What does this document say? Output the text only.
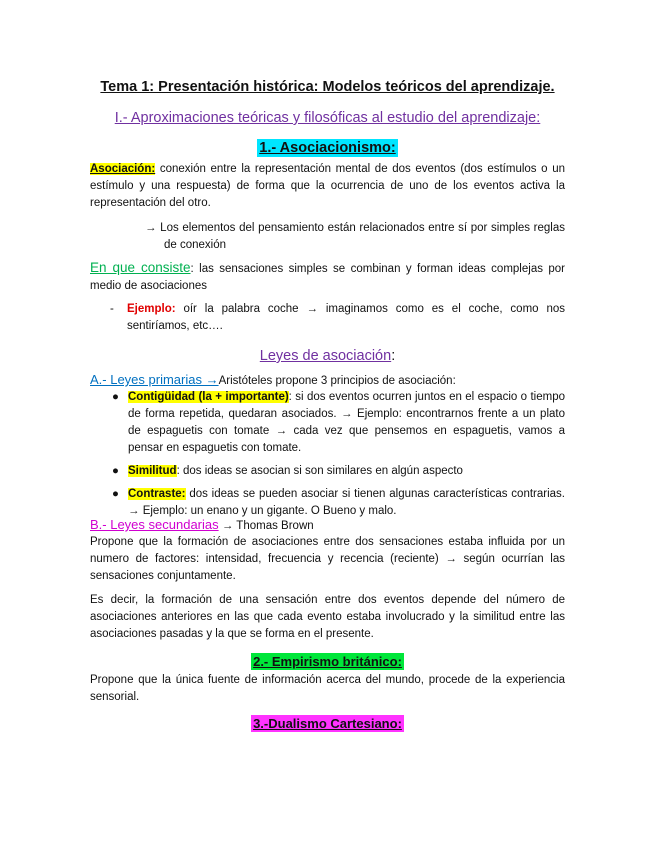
Tema 1: Presentación histórica: Modelos teóricos del aprendizaje.
I.- Aproximaciones teóricas y filosóficas al estudio del aprendizaje:
1.- Asociacionismo:
Asociación: conexión entre la representación mental de dos eventos (dos estímulos o un estímulo y una respuesta) de forma que la ocurrencia de uno de los eventos activa la representación del otro.
→ Los elementos del pensamiento están relacionados entre sí por simples reglas de conexión
En que consiste: las sensaciones simples se combinan y forman ideas complejas por medio de asociaciones
- Ejemplo: oír la palabra coche → imaginamos como es el coche, como nos sentiríamos, etc….
Leyes de asociación:
A.- Leyes primarias →Aristóteles propone 3 principios de asociación:
● Contigüidad (la + importante): si dos eventos ocurren juntos en el espacio o tiempo de forma repetida, quedaran asociados. → Ejemplo: encontrarnos frente a un plato de espaguetis con tomate → cada vez que pensemos en espaguetis, vamos a pensar en espaguetis con tomate.
● Similitud: dos ideas se asocian si son similares en algún aspecto
● Contraste: dos ideas se pueden asociar si tienen algunas características contrarias. → Ejemplo: un enano y un gigante. O Bueno y malo.
B.- Leyes secundarias → Thomas Brown
Propone que la formación de asociaciones entre dos sensaciones estaba influida por un numero de factores: intensidad, frecuencia y recencia (reciente) → según ocurrían las sensaciones conjuntamente.
Es decir, la formación de una sensación entre dos eventos depende del número de asociaciones anteriores en las que cada evento estaba involucrado y la similitud entre las asociaciones pasadas y la que se forma en el presente.
2.- Empirismo británico:
Propone que la única fuente de información acerca del mundo, procede de la experiencia sensorial.
3.-Dualismo Cartesiano:
